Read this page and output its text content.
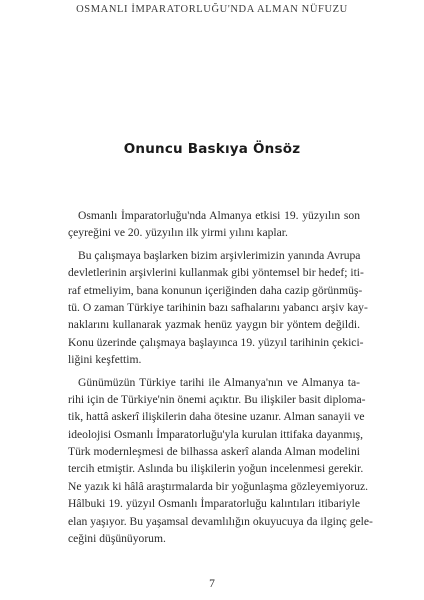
OSMANLI İMPARATORLUĞU'NDA ALMAN NÜFUZU
Onuncu Baskıya Önsöz
Osmanlı İmparatorluğu'nda Almanya etkisi 19. yüzyılın son
çeyreğini ve 20. yüzyılın ilk yirmi yılını kaplar.
Bu çalışmaya başlarken bizim arşivlerimizin yanında Avrupa
devletlerinin arşivlerini kullanmak gibi yöntemsel bir hedef; iti-
raf etmeliyim, bana konunun içeriğinden daha cazip görünmüş-
tü. O zaman Türkiye tarihinin bazı safhalarını yabancı arşiv kay-
naklarını kullanarak yazmak henüz yaygın bir yöntem değildi.
Konu üzerinde çalışmaya başlayınca 19. yüzyıl tarihinin çekici-
liğini keşfettim.
Günümüzün Türkiye tarihi ile Almanya'nın ve Almanya ta-
rihi için de Türkiye'nin önemi açıktır. Bu ilişkiler basit diploma-
tik, hattâ askerî ilişkilerin daha ötesine uzanır. Alman sanayii ve
ideolojisi Osmanlı İmparatorluğu'yla kurulan ittifaka dayanmış,
Türk modernleşmesi de bilhassa askerî alanda Alman modelini
tercih etmiştir. Aslında bu ilişkilerin yoğun incelenmesi gerekir.
Ne yazık ki hâlâ araştırmalarda bir yoğunlaşma gözleyemiyoruz.
Hâlbuki 19. yüzyıl Osmanlı İmparatorluğu kalıntıları itibariyle
elan yaşıyor. Bu yaşamsal devamlılığın okuyucuya da ilginç gele-
ceğini düşünüyorum.
7
